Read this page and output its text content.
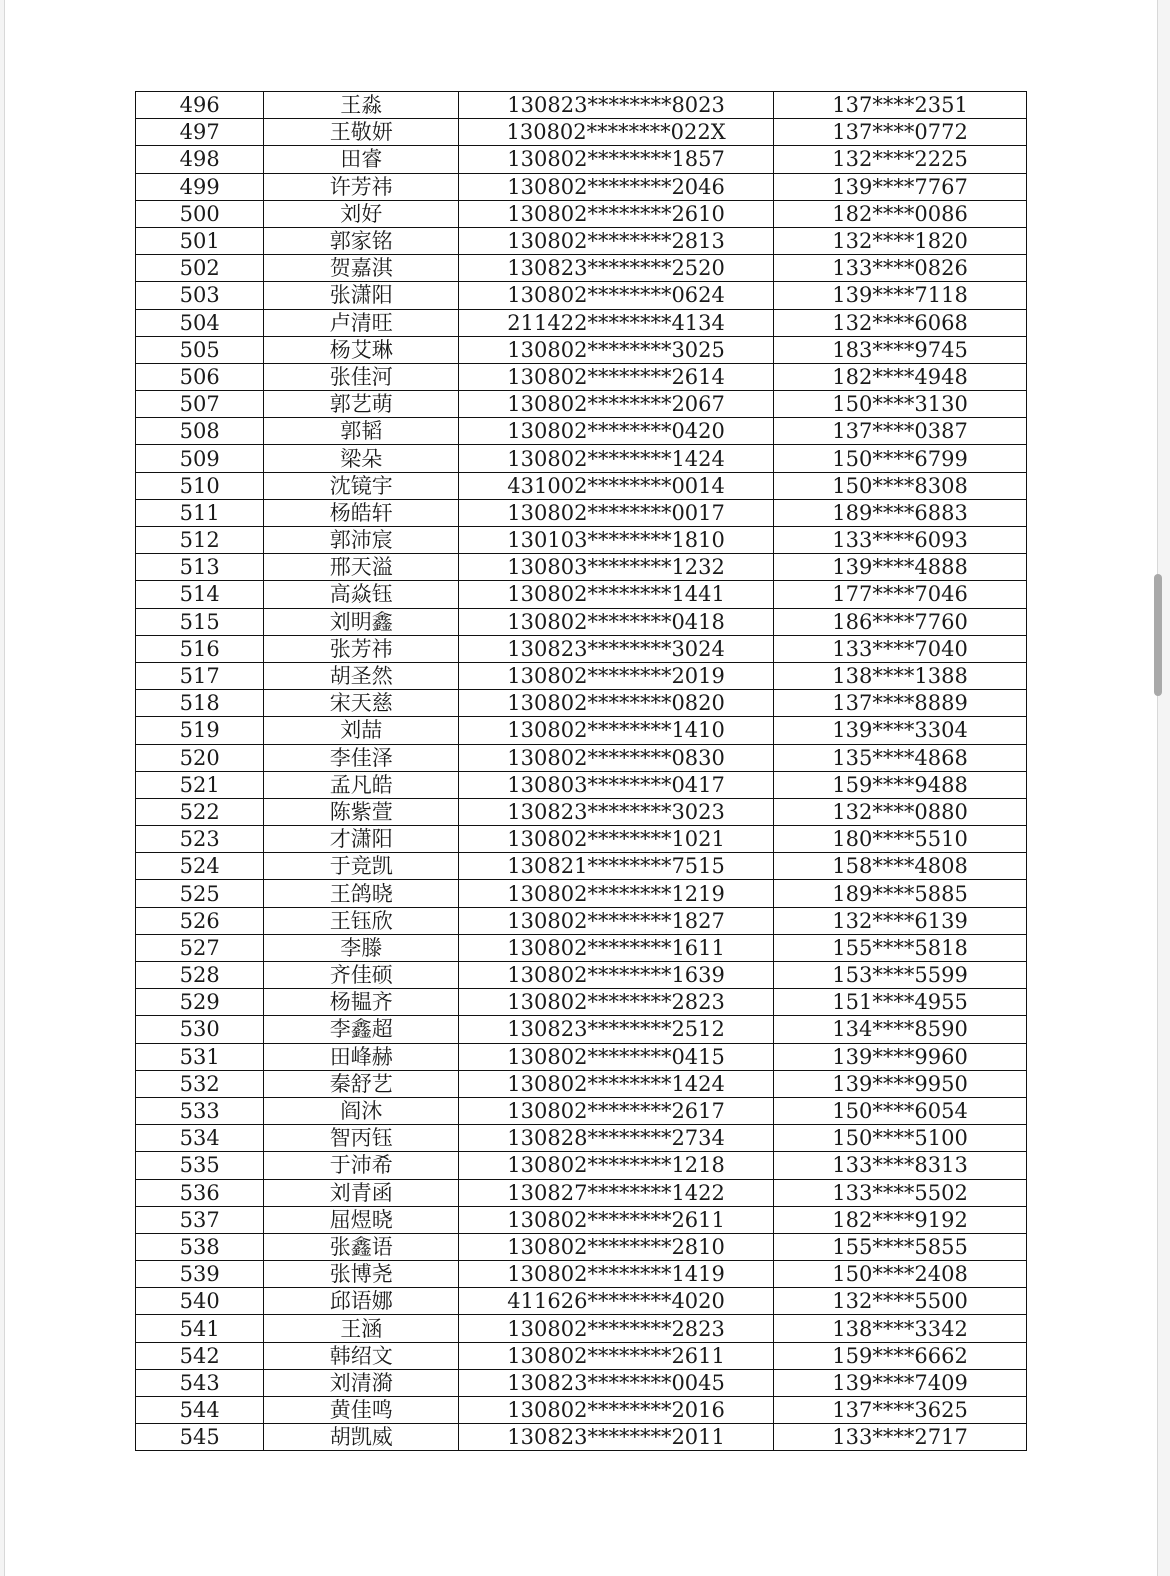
496	王淼	130823********8023	137****2351
497	王敬妍	130802********022X	137****0772
498	田睿	130802********1857	132****2225
499	许芳祎	130802********2046	139****7767
500	刘好	130802********2610	182****0086
501	郭家铭	130802********2813	132****1820
502	贺嘉淇	130823********2520	133****0826
503	张潇阳	130802********0624	139****7118
504	卢清旺	211422********4134	132****6068
505	杨艾琳	130802********3025	183****9745
506	张佳河	130802********2614	182****4948
507	郭艺萌	130802********2067	150****3130
508	郭韬	130802********0420	137****0387
509	梁朵	130802********1424	150****6799
510	沈镜宇	431002********0014	150****8308
511	杨皓轩	130802********0017	189****6883
512	郭沛宸	130103********1810	133****6093
513	邢天溢	130803********1232	139****4888
514	高焱钰	130802********1441	177****7046
515	刘明鑫	130802********0418	186****7760
516	张芳祎	130823********3024	133****7040
517	胡圣然	130802********2019	138****1388
518	宋天慈	130802********0820	137****8889
519	刘喆	130802********1410	139****3304
520	李佳泽	130802********0830	135****4868
521	孟凡皓	130803********0417	159****9488
522	陈紫萱	130823********3023	132****0880
523	才潇阳	130802********1021	180****5510
524	于竞凯	130821********7515	158****4808
525	王鸽晓	130802********1219	189****5885
526	王钰欣	130802********1827	132****6139
527	李滕	130802********1611	155****5818
528	齐佳硕	130802********1639	153****5599
529	杨韫齐	130802********2823	151****4955
530	李鑫超	130823********2512	134****8590
531	田峰赫	130802********0415	139****9960
532	秦舒艺	130802********1424	139****9950
533	阎沐	130802********2617	150****6054
534	智丙钰	130828********2734	150****5100
535	于沛希	130802********1218	133****8313
536	刘青函	130827********1422	133****5502
537	屈煜晓	130802********2611	182****9192
538	张鑫语	130802********2810	155****5855
539	张博尧	130802********1419	150****2408
540	邱语娜	411626********4020	132****5500
541	王涵	130802********2823	138****3342
542	韩绍文	130802********2611	159****6662
543	刘清漪	130823********0045	139****7409
544	黄佳鸣	130802********2016	137****3625
545	胡凯威	130823********2011	133****2717
